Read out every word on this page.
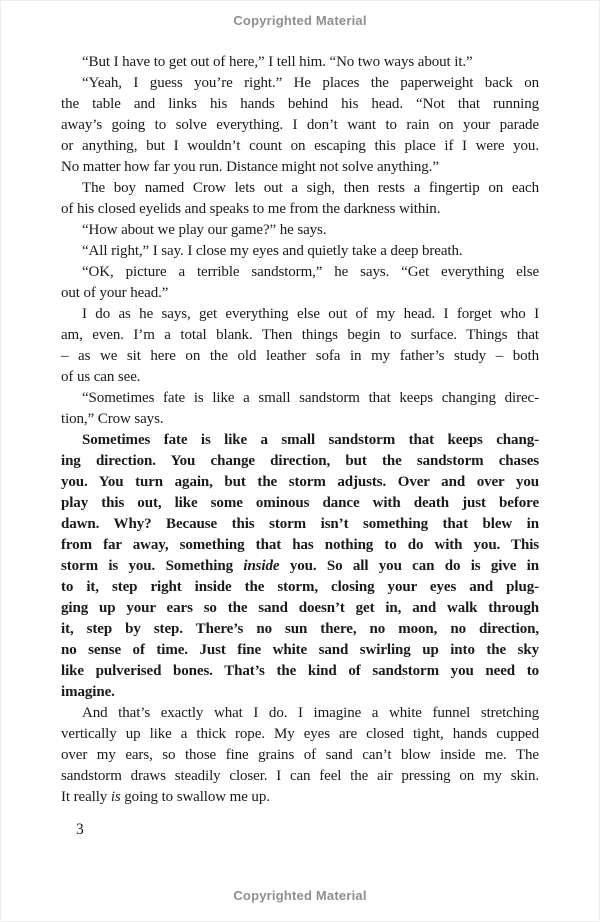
Copyrighted Material

“But I have to get out of here,” I tell him. “No two ways about it.”

“Yeah, I guess you’re right.” He places the paperweight back on
the table and links his hands behind his head. “Not that running
away’s going to solve everything. I don’t want to rain on your parade
or anything, but I wouldn’t count on escaping this place if I were you.
No matter how far you run. Distance might not solve anything.”

The boy named Crow lets out a sigh, then rests a fingertip on each
of his closed eyelids and speaks to me from the darkness within.

“How about we play our game?” he says.

“All right,” I say. I close my eyes and quietly take a deep breath.

“OK, picture a terrible sandstorm,” he says. “Get everything else
out of your head.”

I do as he says, get everything else out of my head. I forget who I
am, even. I’m a total blank. Then things begin to surface. Things that
– as we sit here on the old leather sofa in my father’s study – both
of us can see.

“Sometimes fate is like a small sandstorm that keeps changing direc-
tion,” Crow says.

Sometimes fate is like a small sandstorm that keeps chang-
ing direction. You change direction, but the sandstorm chases
you. You turn again, but the storm adjusts. Over and over you
play this out, like some ominous dance with death just before
dawn. Why? Because this storm isn’t something that blew in
from far away, something that has nothing to do with you. This
storm is you. Something inside you. So all you can do is give in
to it, step right inside the storm, closing your eyes and plug-
ging up your ears so the sand doesn’t get in, and walk through
it, step by step. There’s no sun there, no moon, no direction,
no sense of time. Just fine white sand swirling up into the sky
like pulverised bones. That’s the kind of sandstorm you need to
imagine.

And that’s exactly what I do. I imagine a white funnel stretching
vertically up like a thick rope. My eyes are closed tight, hands cupped
over my ears, so those fine grains of sand can’t blow inside me. The
sandstorm draws steadily closer. I can feel the air pressing on my skin.
It really is going to swallow me up.

3
Copyrighted Material
